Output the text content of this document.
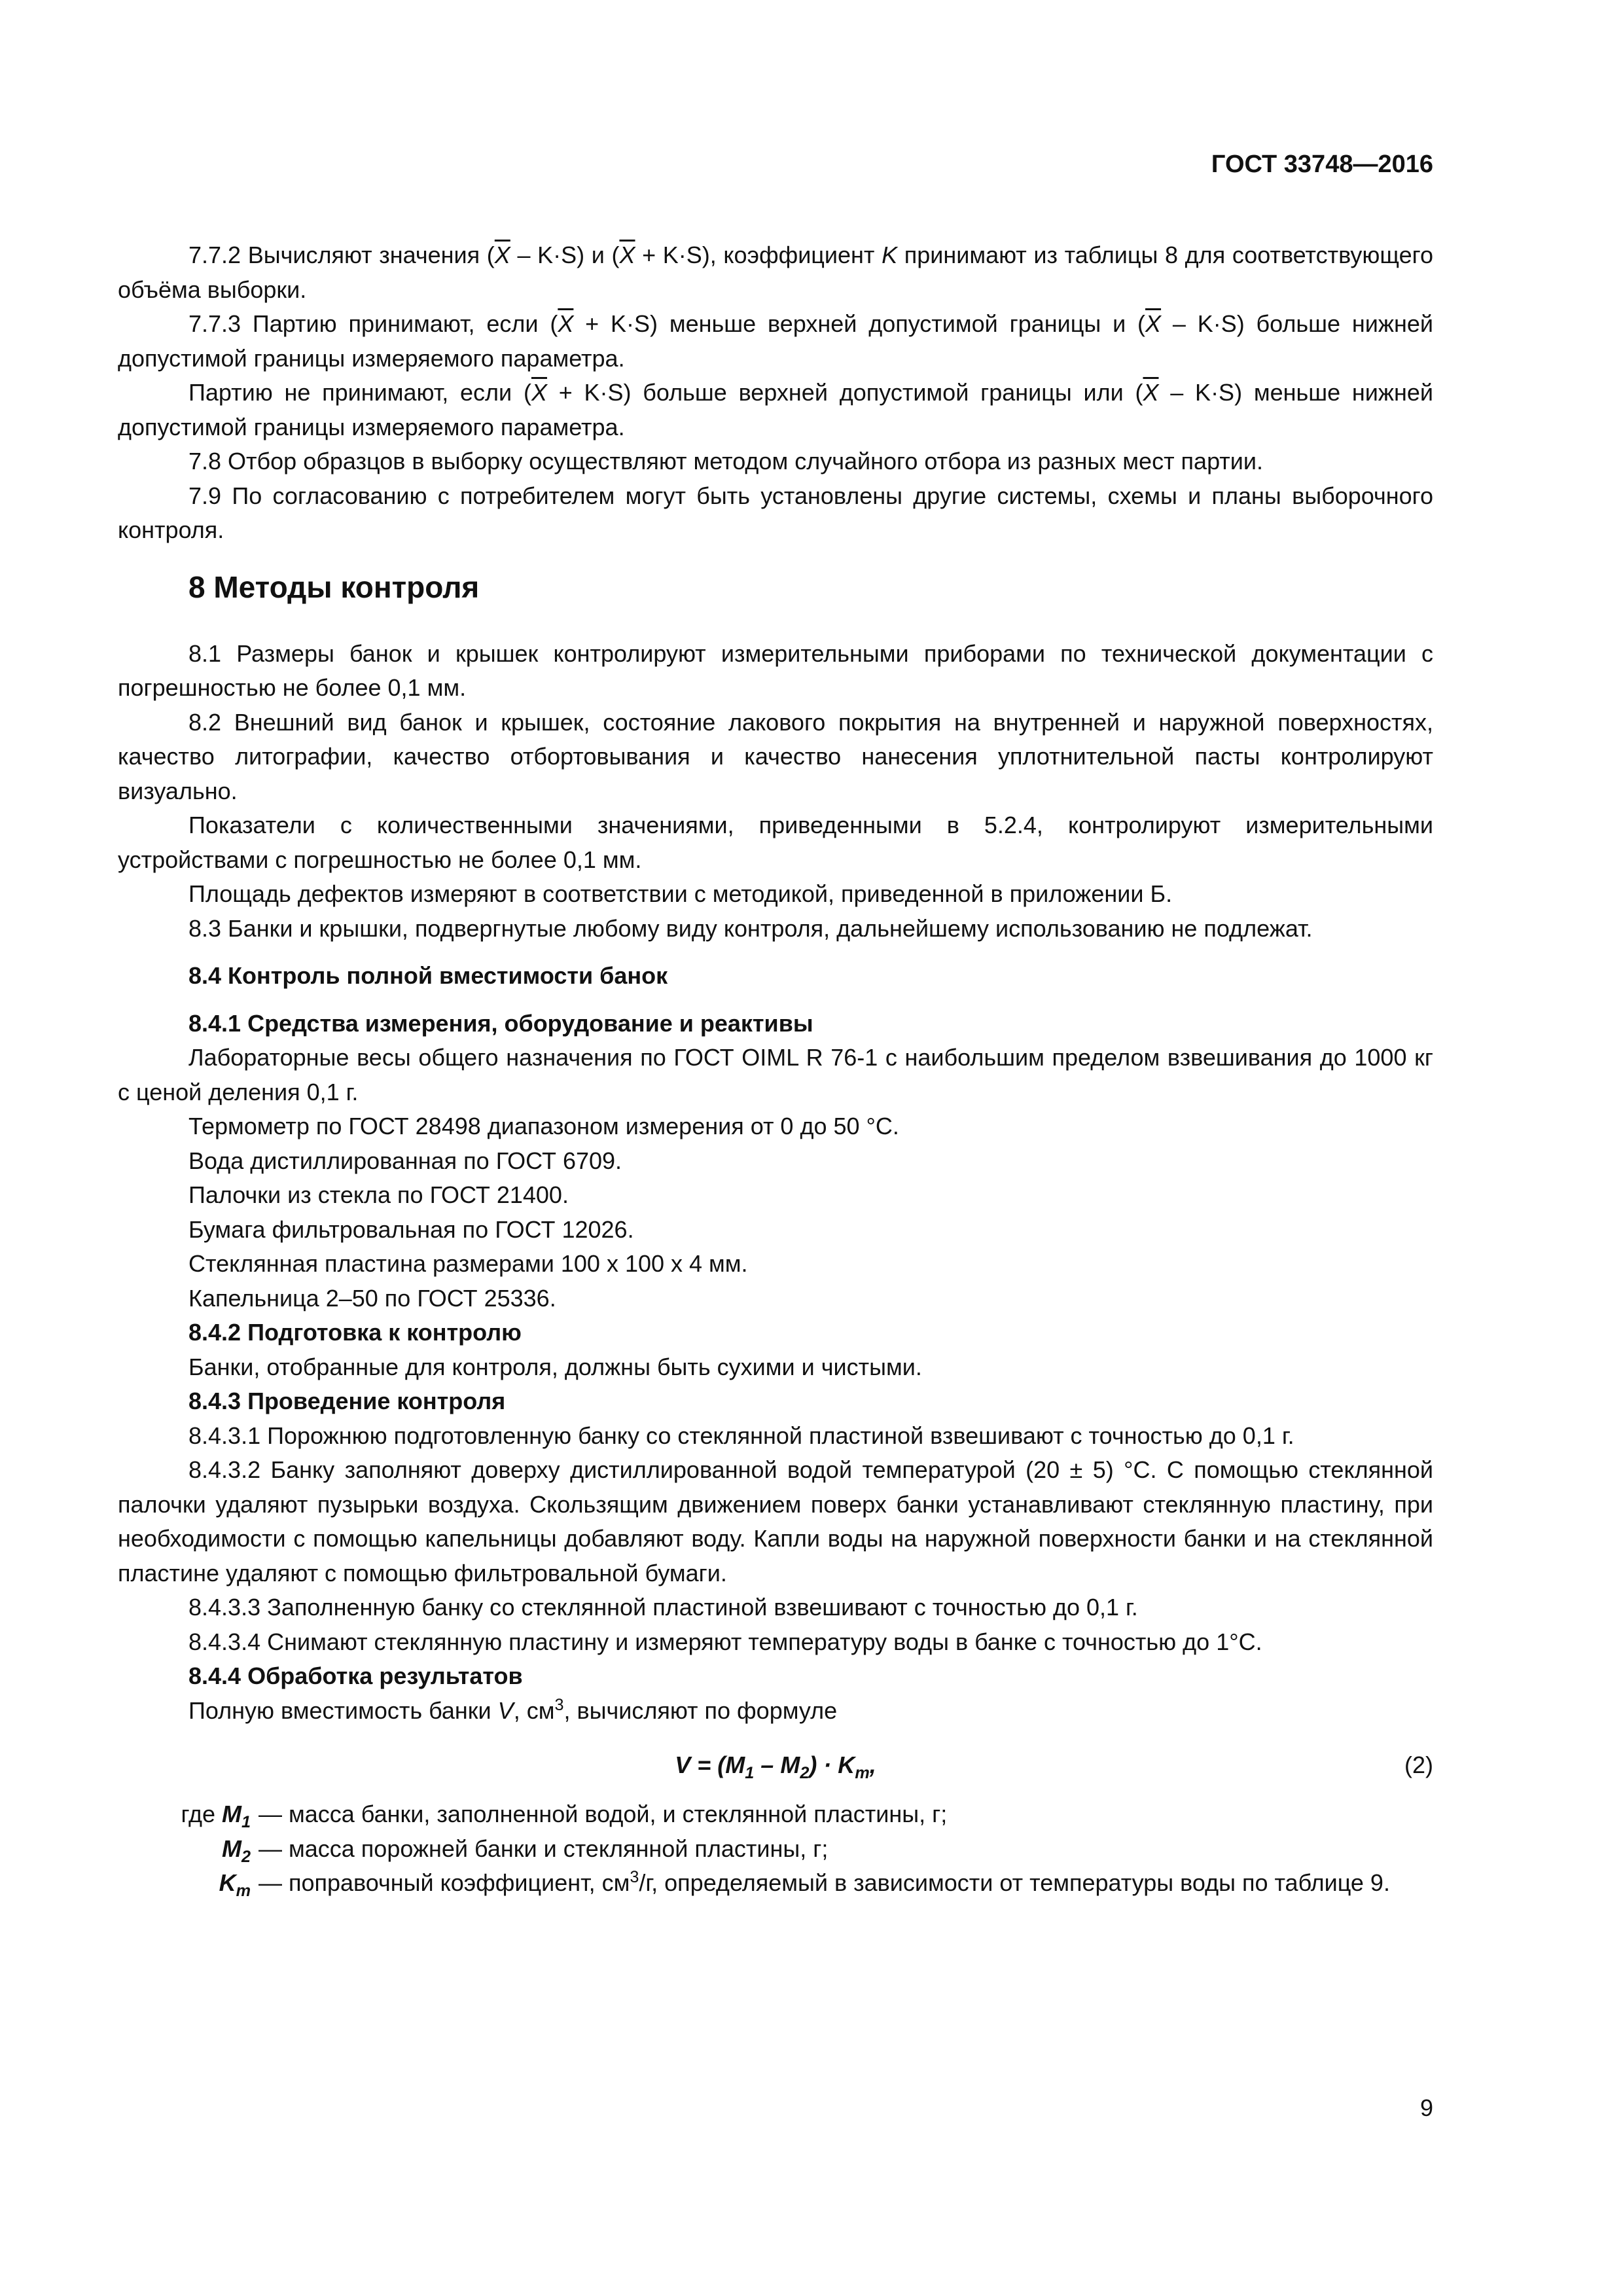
ГОСТ 33748—2016

7.7.2 Вычисляют значения $(\overline{X} - K\cdot S)$ и $(\overline{X} + K\cdot S)$, коэффициент K принимают из таблицы 8 для соответствующего объёма выборки.

7.7.3 Партию принимают, если $(\overline{X} + K\cdot S)$ меньше верхней допустимой границы и $(\overline{X} - K\cdot S)$ больше нижней допустимой границы измеряемого параметра.

Партию не принимают, если $(\overline{X} + K\cdot S)$ больше верхней допустимой границы или $(\overline{X} - K\cdot S)$ меньше нижней допустимой границы измеряемого параметра.

7.8 Отбор образцов в выборку осуществляют методом случайного отбора из разных мест партии.

7.9 По согласованию с потребителем могут быть установлены другие системы, схемы и планы выборочного контроля.

8 Методы контроля

8.1 Размеры банок и крышек контролируют измерительными приборами по технической документации с погрешностью не более 0,1 мм.

8.2 Внешний вид банок и крышек, состояние лакового покрытия на внутренней и наружной поверхностях, качество литографии, качество отбортовывания и качество нанесения уплотнительной пасты контролируют визуально.

Показатели с количественными значениями, приведенными в 5.2.4, контролируют измерительными устройствами с погрешностью не более 0,1 мм.

Площадь дефектов измеряют в соответствии с методикой, приведенной в приложении Б.

8.3 Банки и крышки, подвергнутые любому виду контроля, дальнейшему использованию не подлежат.

8.4 Контроль полной вместимости банок

8.4.1 Средства измерения, оборудование и реактивы

Лабораторные весы общего назначения по ГОСТ OIML R 76-1 с наибольшим пределом взвешивания до 1000 кг с ценой деления 0,1 г.

Термометр по ГОСТ 28498 диапазоном измерения от 0 до 50 °С.

Вода дистиллированная по ГОСТ 6709.

Палочки из стекла по ГОСТ 21400.

Бумага фильтровальная по ГОСТ 12026.

Стеклянная пластина размерами 100 x 100 x 4 мм.

Капельница 2–50 по ГОСТ 25336.

8.4.2 Подготовка к контролю

Банки, отобранные для контроля, должны быть сухими и чистыми.

8.4.3 Проведение контроля

8.4.3.1 Порожнюю подготовленную банку со стеклянной пластиной взвешивают с точностью до 0,1 г.

8.4.3.2 Банку заполняют доверху дистиллированной водой температурой (20 ± 5) °С. С помощью стеклянной палочки удаляют пузырьки воздуха. Скользящим движением поверх банки устанавливают стеклянную пластину, при необходимости с помощью капельницы добавляют воду. Капли воды на наружной поверхности банки и на стеклянной пластине удаляют с помощью фильтровальной бумаги.

8.4.3.3 Заполненную банку со стеклянной пластиной взвешивают с точностью до 0,1 г.

8.4.3.4 Снимают стеклянную пластину и измеряют температуру воды в банке с точностью до 1°С.

8.4.4 Обработка результатов

Полную вместимость банки V, $см^3$, вычисляют по формуле

$V = (M_1 - M_2) \cdot K_т$,	(2)

где $M_1$ — масса банки, заполненной водой, и стеклянной пластины, г;
$M_2$ — масса порожней банки и стеклянной пластины, г;
$K_т$ — поправочный коэффициент, $см^3/г$, определяемый в зависимости от температуры воды по таблице 9.
9
